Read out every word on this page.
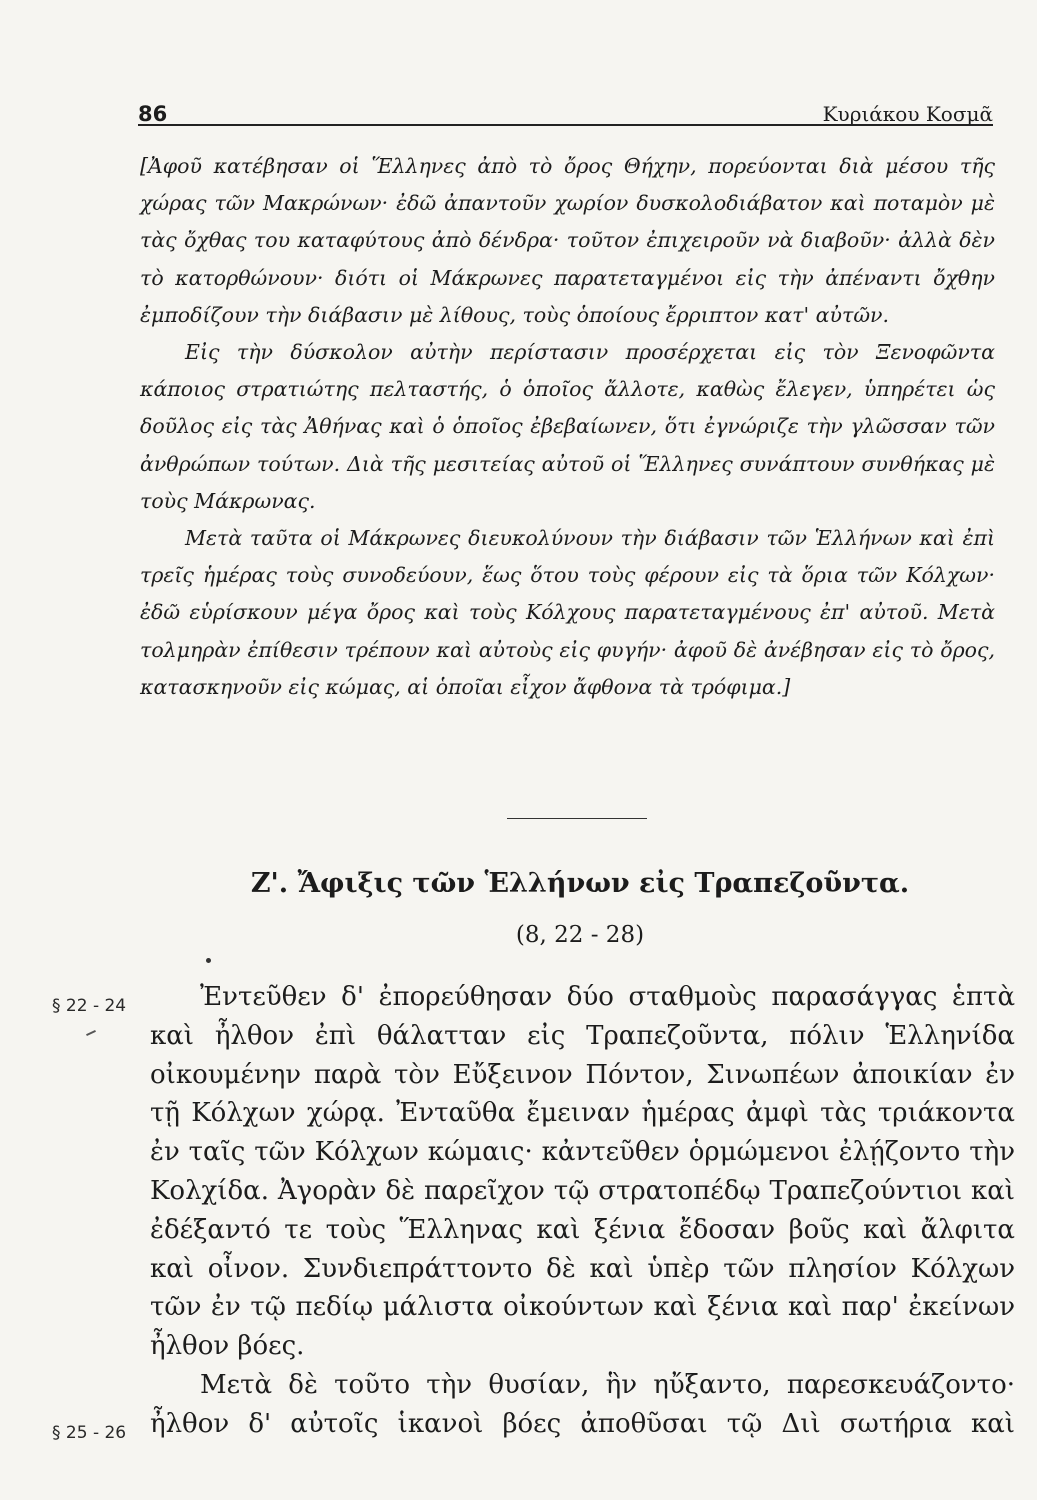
86	Κυριάκου Κοσμᾶ

[Ἀφοῦ κατέβησαν οἱ Ἕλληνες ἀπὸ τὸ ὄρος Θήχην, πορεύονται διὰ μέσου τῆς χώρας τῶν Μακρώνων· ἐδῶ ἀπαντοῦν χωρίον δυσκολοδιάβατον καὶ ποταμὸν μὲ τὰς ὄχθας του καταφύτους ἀπὸ δένδρα· τοῦτον ἐπιχειροῦν νὰ διαβοῦν· ἀλλὰ δὲν τὸ κατορθώνουν· διότι οἱ Μάκρωνες παρατεταγμένοι εἰς τὴν ἀπέναντι ὄχθην ἐμποδίζουν τὴν διάβασιν μὲ λίθους, τοὺς ὁποίους ἔρριπτον κατ' αὐτῶν.

Εἰς τὴν δύσκολον αὐτὴν περίστασιν προσέρχεται εἰς τὸν Ξενοφῶντα κάποιος στρατιώτης πελταστής, ὁ ὁποῖος ἄλλοτε, καθὼς ἔλεγεν, ὑπηρέτει ὡς δοῦλος εἰς τὰς Ἀθήνας καὶ ὁ ὁποῖος ἐβεβαίωνεν, ὅτι ἐγνώριζε τὴν γλῶσσαν τῶν ἀνθρώπων τούτων. Διὰ τῆς μεσιτείας αὐτοῦ οἱ Ἕλληνες συνάπτουν συνθήκας μὲ τοὺς Μάκρωνας.

Μετὰ ταῦτα οἱ Μάκρωνες διευκολύνουν τὴν διάβασιν τῶν Ἑλλήνων καὶ ἐπὶ τρεῖς ἡμέρας τοὺς συνοδεύουν, ἕως ὅτου τοὺς φέρουν εἰς τὰ ὅρια τῶν Κόλχων· ἐδῶ εὑρίσκουν μέγα ὄρος καὶ τοὺς Κόλχους παρατεταγμένους ἐπ' αὐτοῦ. Μετὰ τολμηρὰν ἐπίθεσιν τρέπουν καὶ αὐτοὺς εἰς φυγήν· ἀφοῦ δὲ ἀνέβησαν εἰς τὸ ὄρος, κατασκηνοῦν εἰς κώμας, αἱ ὁποῖαι εἶχον ἄφθονα τὰ τρόφιμα.]

Ζ'. Ἄφιξις τῶν Ἑλλήνων εἰς Τραπεζοῦντα.
(8, 22 - 28)
§ 22 - 24
§ 25 - 26

Ἐντεῦθεν δ' ἐπορεύθησαν δύο σταθμοὺς παρασάγγας ἑπτὰ καὶ ἦλθον ἐπὶ θάλατταν εἰς Τραπεζοῦντα, πόλιν Ἑλληνίδα οἰκουμένην παρὰ τὸν Εὔξεινον Πόντον, Σινωπέων ἀποικίαν ἐν τῇ Κόλχων χώρᾳ. Ἐνταῦθα ἔμειναν ἡμέρας ἀμφὶ τὰς τριάκοντα ἐν ταῖς τῶν Κόλχων κώμαις· κἀντεῦθεν ὁρμώμενοι ἐλῄζοντο τὴν Κολχίδα. Ἀγορὰν δὲ παρεῖχον τῷ στρατοπέδῳ Τραπεζούντιοι καὶ ἐδέξαντό τε τοὺς Ἕλληνας καὶ ξένια ἔδοσαν βοῦς καὶ ἄλφιτα καὶ οἶνον. Συνδιεπράττοντο δὲ καὶ ὑπὲρ τῶν πλησίον Κόλχων τῶν ἐν τῷ πεδίῳ μάλιστα οἰκούντων καὶ ξένια καὶ παρ' ἐκείνων ἦλθον βόες.

Μετὰ δὲ τοῦτο τὴν θυσίαν, ἣν ηὔξαντο, παρεσκευάζοντο· ἦλθον δ' αὐτοῖς ἱκανοὶ βόες ἀποθῦσαι τῷ Διὶ σωτήρια καὶ
